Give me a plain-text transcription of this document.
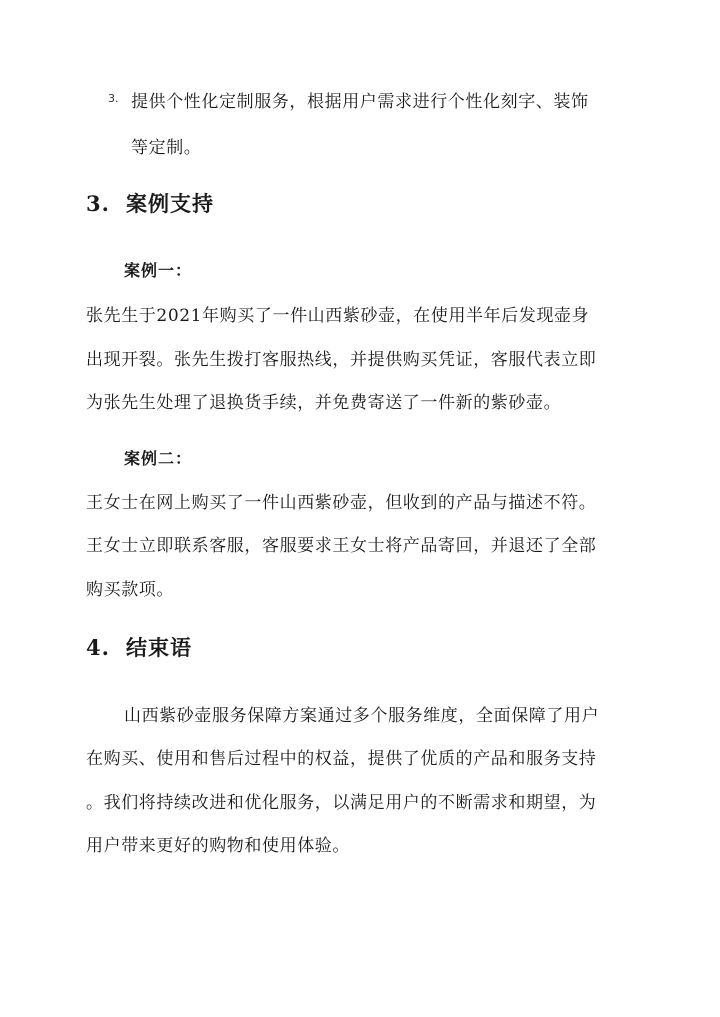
3. 提供个性化定制服务，根据用户需求进行个性化刻字、装饰
等定制。
3. 案例支持
案例一：
张先生于2021年购买了一件山西紫砂壶，在使用半年后发现壶身
出现开裂。张先生拨打客服热线，并提供购买凭证，客服代表立即
为张先生处理了退换货手续，并免费寄送了一件新的紫砂壶。
案例二：
王女士在网上购买了一件山西紫砂壶，但收到的产品与描述不符。
王女士立即联系客服，客服要求王女士将产品寄回，并退还了全部
购买款项。
4. 结束语
山西紫砂壶服务保障方案通过多个服务维度，全面保障了用户
在购买、使用和售后过程中的权益，提供了优质的产品和服务支持
。我们将持续改进和优化服务，以满足用户的不断需求和期望，为
用户带来更好的购物和使用体验。
